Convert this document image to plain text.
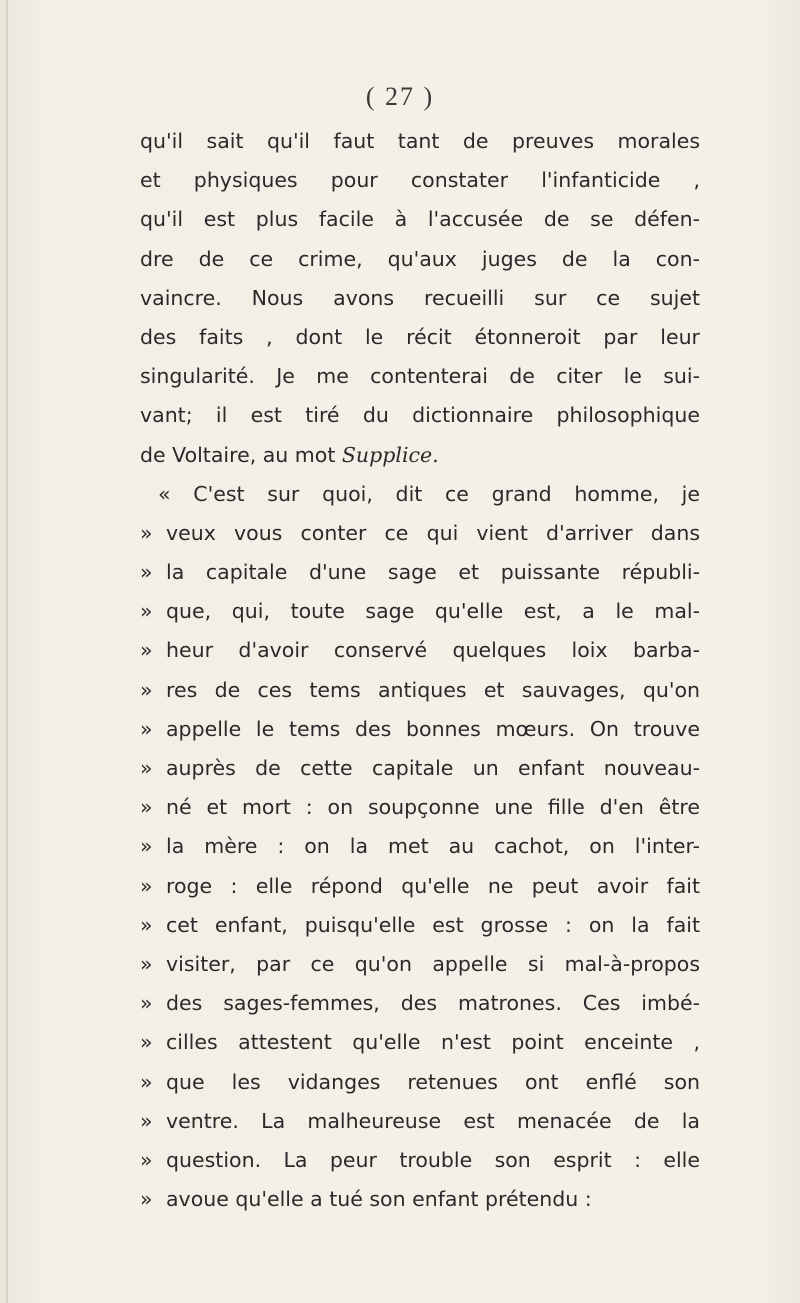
( 27 )
qu'il sait qu'il faut tant de preuves morales
et physiques pour constater l'infanticide ,
qu'il est plus facile à l'accusée de se défen-
dre de ce crime, qu'aux juges de la con-
vaincre. Nous avons recueilli sur ce sujet
des faits , dont le récit étonneroit par leur
singularité. Je me contenterai de citer le sui-
vant; il est tiré du dictionnaire philosophique
de Voltaire, au mot Supplice.
« C'est sur quoi, dit ce grand homme, je
» veux vous conter ce qui vient d'arriver dans
» la capitale d'une sage et puissante républi-
» que, qui, toute sage qu'elle est, a le mal-
» heur d'avoir conservé quelques loix barba-
» res de ces tems antiques et sauvages, qu'on
» appelle le tems des bonnes mœurs. On trouve
» auprès de cette capitale un enfant nouveau-
» né et mort : on soupçonne une fille d'en être
» la mère : on la met au cachot, on l'inter-
» roge : elle répond qu'elle ne peut avoir fait
» cet enfant, puisqu'elle est grosse : on la fait
» visiter, par ce qu'on appelle si mal-à-propos
» des sages-femmes, des matrones. Ces imbé-
» cilles attestent qu'elle n'est point enceinte ,
» que les vidanges retenues ont enflé son
» ventre. La malheureuse est menacée de la
» question. La peur trouble son esprit : elle
» avoue qu'elle a tué son enfant prétendu :
